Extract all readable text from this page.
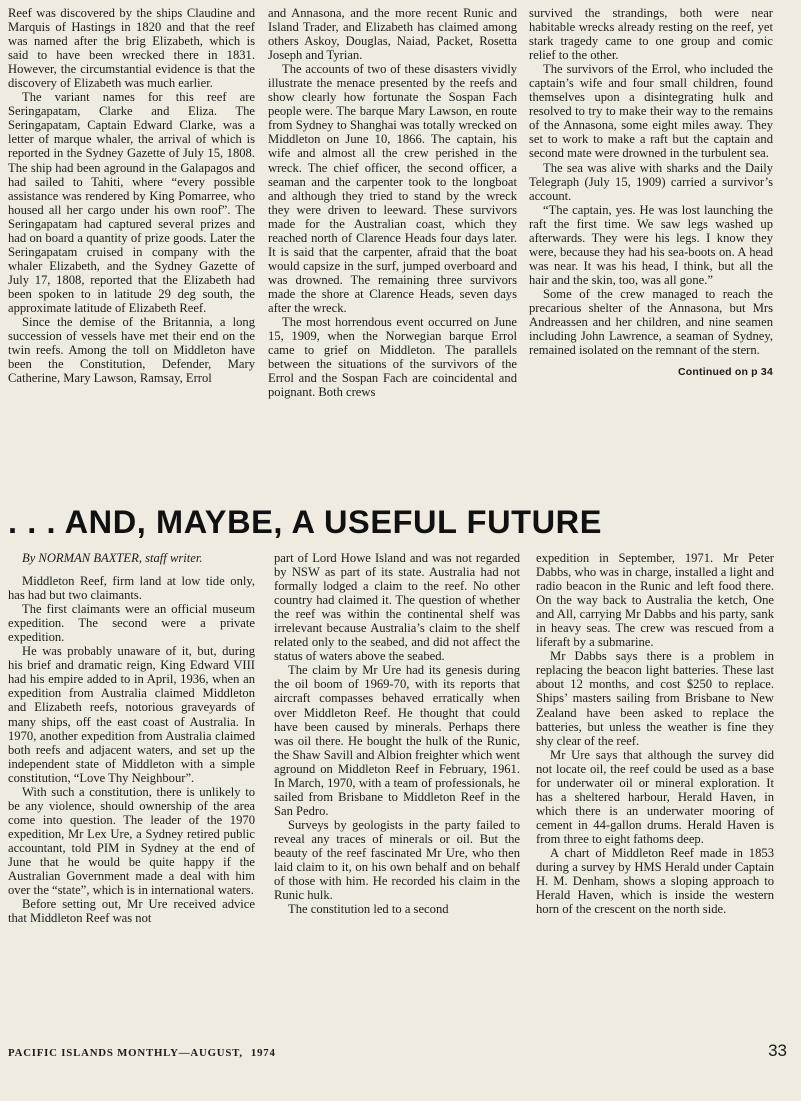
Reef was discovered by the ships Claudine and Marquis of Hastings in 1820 and that the reef was named after the brig Elizabeth, which is said to have been wrecked there in 1831. However, the circumstantial evidence is that the discovery of Elizabeth was much earlier.

The variant names for this reef are Seringapatam, Clarke and Eliza. The Seringapatam, Captain Edward Clarke, was a letter of marque whaler, the arrival of which is reported in the Sydney Gazette of July 15, 1808. The ship had been aground in the Galapagos and had sailed to Tahiti, where “every possible assistance was rendered by King Pomarree, who housed all her cargo under his own roof”. The Seringapatam had captured several prizes and had on board a quantity of prize goods. Later the Seringapatam cruised in company with the whaler Elizabeth, and the Sydney Gazette of July 17, 1808, reported that the Elizabeth had been spoken to in latitude 29 deg south, the approximate latitude of Elizabeth Reef.

Since the demise of the Britannia, a long succession of vessels have met their end on the twin reefs. Among the toll on Middleton have been the Constitution, Defender, Mary Catherine, Mary Lawson, Ramsay, Errol

and Annasona, and the more recent Runic and Island Trader, and Elizabeth has claimed among others Askoy, Douglas, Naiad, Packet, Rosetta Joseph and Tyrian.

The accounts of two of these disasters vividly illustrate the menace presented by the reefs and show clearly how fortunate the Sospan Fach people were. The barque Mary Lawson, en route from Sydney to Shanghai was totally wrecked on Middleton on June 10, 1866. The captain, his wife and almost all the crew perished in the wreck. The chief officer, the second officer, a seaman and the carpenter took to the longboat and although they tried to stand by the wreck they were driven to leeward. These survivors made for the Australian coast, which they reached north of Clarence Heads four days later. It is said that the carpenter, afraid that the boat would capsize in the surf, jumped overboard and was drowned. The remaining three survivors made the shore at Clarence Heads, seven days after the wreck.

The most horrendous event occurred on June 15, 1909, when the Norwegian barque Errol came to grief on Middleton. The parallels between the situations of the survivors of the Errol and the Sospan Fach are coincidental and poignant. Both crews

survived the strandings, both were near habitable wrecks already resting on the reef, yet stark tragedy came to one group and comic relief to the other.

The survivors of the Errol, who included the captain’s wife and four small children, found themselves upon a disintegrating hulk and resolved to try to make their way to the remains of the Annasona, some eight miles away. They set to work to make a raft but the captain and second mate were drowned in the turbulent sea.

The sea was alive with sharks and the Daily Telegraph (July 15, 1909) carried a survivor’s account.

“The captain, yes. He was lost launching the raft the first time. We saw legs washed up afterwards. They were his legs. I know they were, because they had his sea-boots on. A head was near. It was his head, I think, but all the hair and the skin, too, was all gone.”

Some of the crew managed to reach the precarious shelter of the Annasona, but Mrs Andreassen and her children, and nine seamen including John Lawrence, a seaman of Sydney, remained isolated on the remnant of the stern.

Continued on p 34
. . . AND, MAYBE, A USEFUL FUTURE

By NORMAN BAXTER, staff writer.

Middleton Reef, firm land at low tide only, has had but two claimants.

The first claimants were an official museum expedition. The second were a private expedition.

He was probably unaware of it, but, during his brief and dramatic reign, King Edward VIII had his empire added to in April, 1936, when an expedition from Australia claimed Middleton and Elizabeth reefs, notorious graveyards of many ships, off the east coast of Australia. In 1970, another expedition from Australia claimed both reefs and adjacent waters, and set up the independent state of Middleton with a simple constitution, “Love Thy Neighbour”.

With such a constitution, there is unlikely to be any violence, should ownership of the area come into question. The leader of the 1970 expedition, Mr Lex Ure, a Sydney retired public accountant, told PIM in Sydney at the end of June that he would be quite happy if the Australian Government made a deal with him over the “state”, which is in international waters.

Before setting out, Mr Ure received advice that Middleton Reef was not

part of Lord Howe Island and was not regarded by NSW as part of its state. Australia had not formally lodged a claim to the reef. No other country had claimed it. The question of whether the reef was within the continental shelf was irrelevant because Australia’s claim to the shelf related only to the seabed, and did not affect the status of waters above the seabed.

The claim by Mr Ure had its genesis during the oil boom of 1969-70, with its reports that aircraft compasses behaved erratically when over Middleton Reef. He thought that could have been caused by minerals. Perhaps there was oil there. He bought the hulk of the Runic, the Shaw Savill and Albion freighter which went aground on Middleton Reef in February, 1961. In March, 1970, with a team of professionals, he sailed from Brisbane to Middleton Reef in the San Pedro.

Surveys by geologists in the party failed to reveal any traces of minerals or oil. But the beauty of the reef fascinated Mr Ure, who then laid claim to it, on his own behalf and on behalf of those with him. He recorded his claim in the Runic hulk.

The constitution led to a second

expedition in September, 1971. Mr Peter Dabbs, who was in charge, installed a light and radio beacon in the Runic and left food there. On the way back to Australia the ketch, One and All, carrying Mr Dabbs and his party, sank in heavy seas. The crew was rescued from a liferaft by a submarine.

Mr Dabbs says there is a problem in replacing the beacon light batteries. These last about 12 months, and cost $250 to replace. Ships’ masters sailing from Brisbane to New Zealand have been asked to replace the batteries, but unless the weather is fine they shy clear of the reef.

Mr Ure says that although the survey did not locate oil, the reef could be used as a base for underwater oil or mineral exploration. It has a sheltered harbour, Herald Haven, in which there is an underwater mooring of cement in 44-gallon drums. Herald Haven is from three to eight fathoms deep.

A chart of Middleton Reef made in 1853 during a survey by HMS Herald under Captain H. M. Denham, shows a sloping approach to Herald Haven, which is inside the western horn of the crescent on the north side.

PACIFIC ISLANDS MONTHLY—AUGUST, 1974	33
